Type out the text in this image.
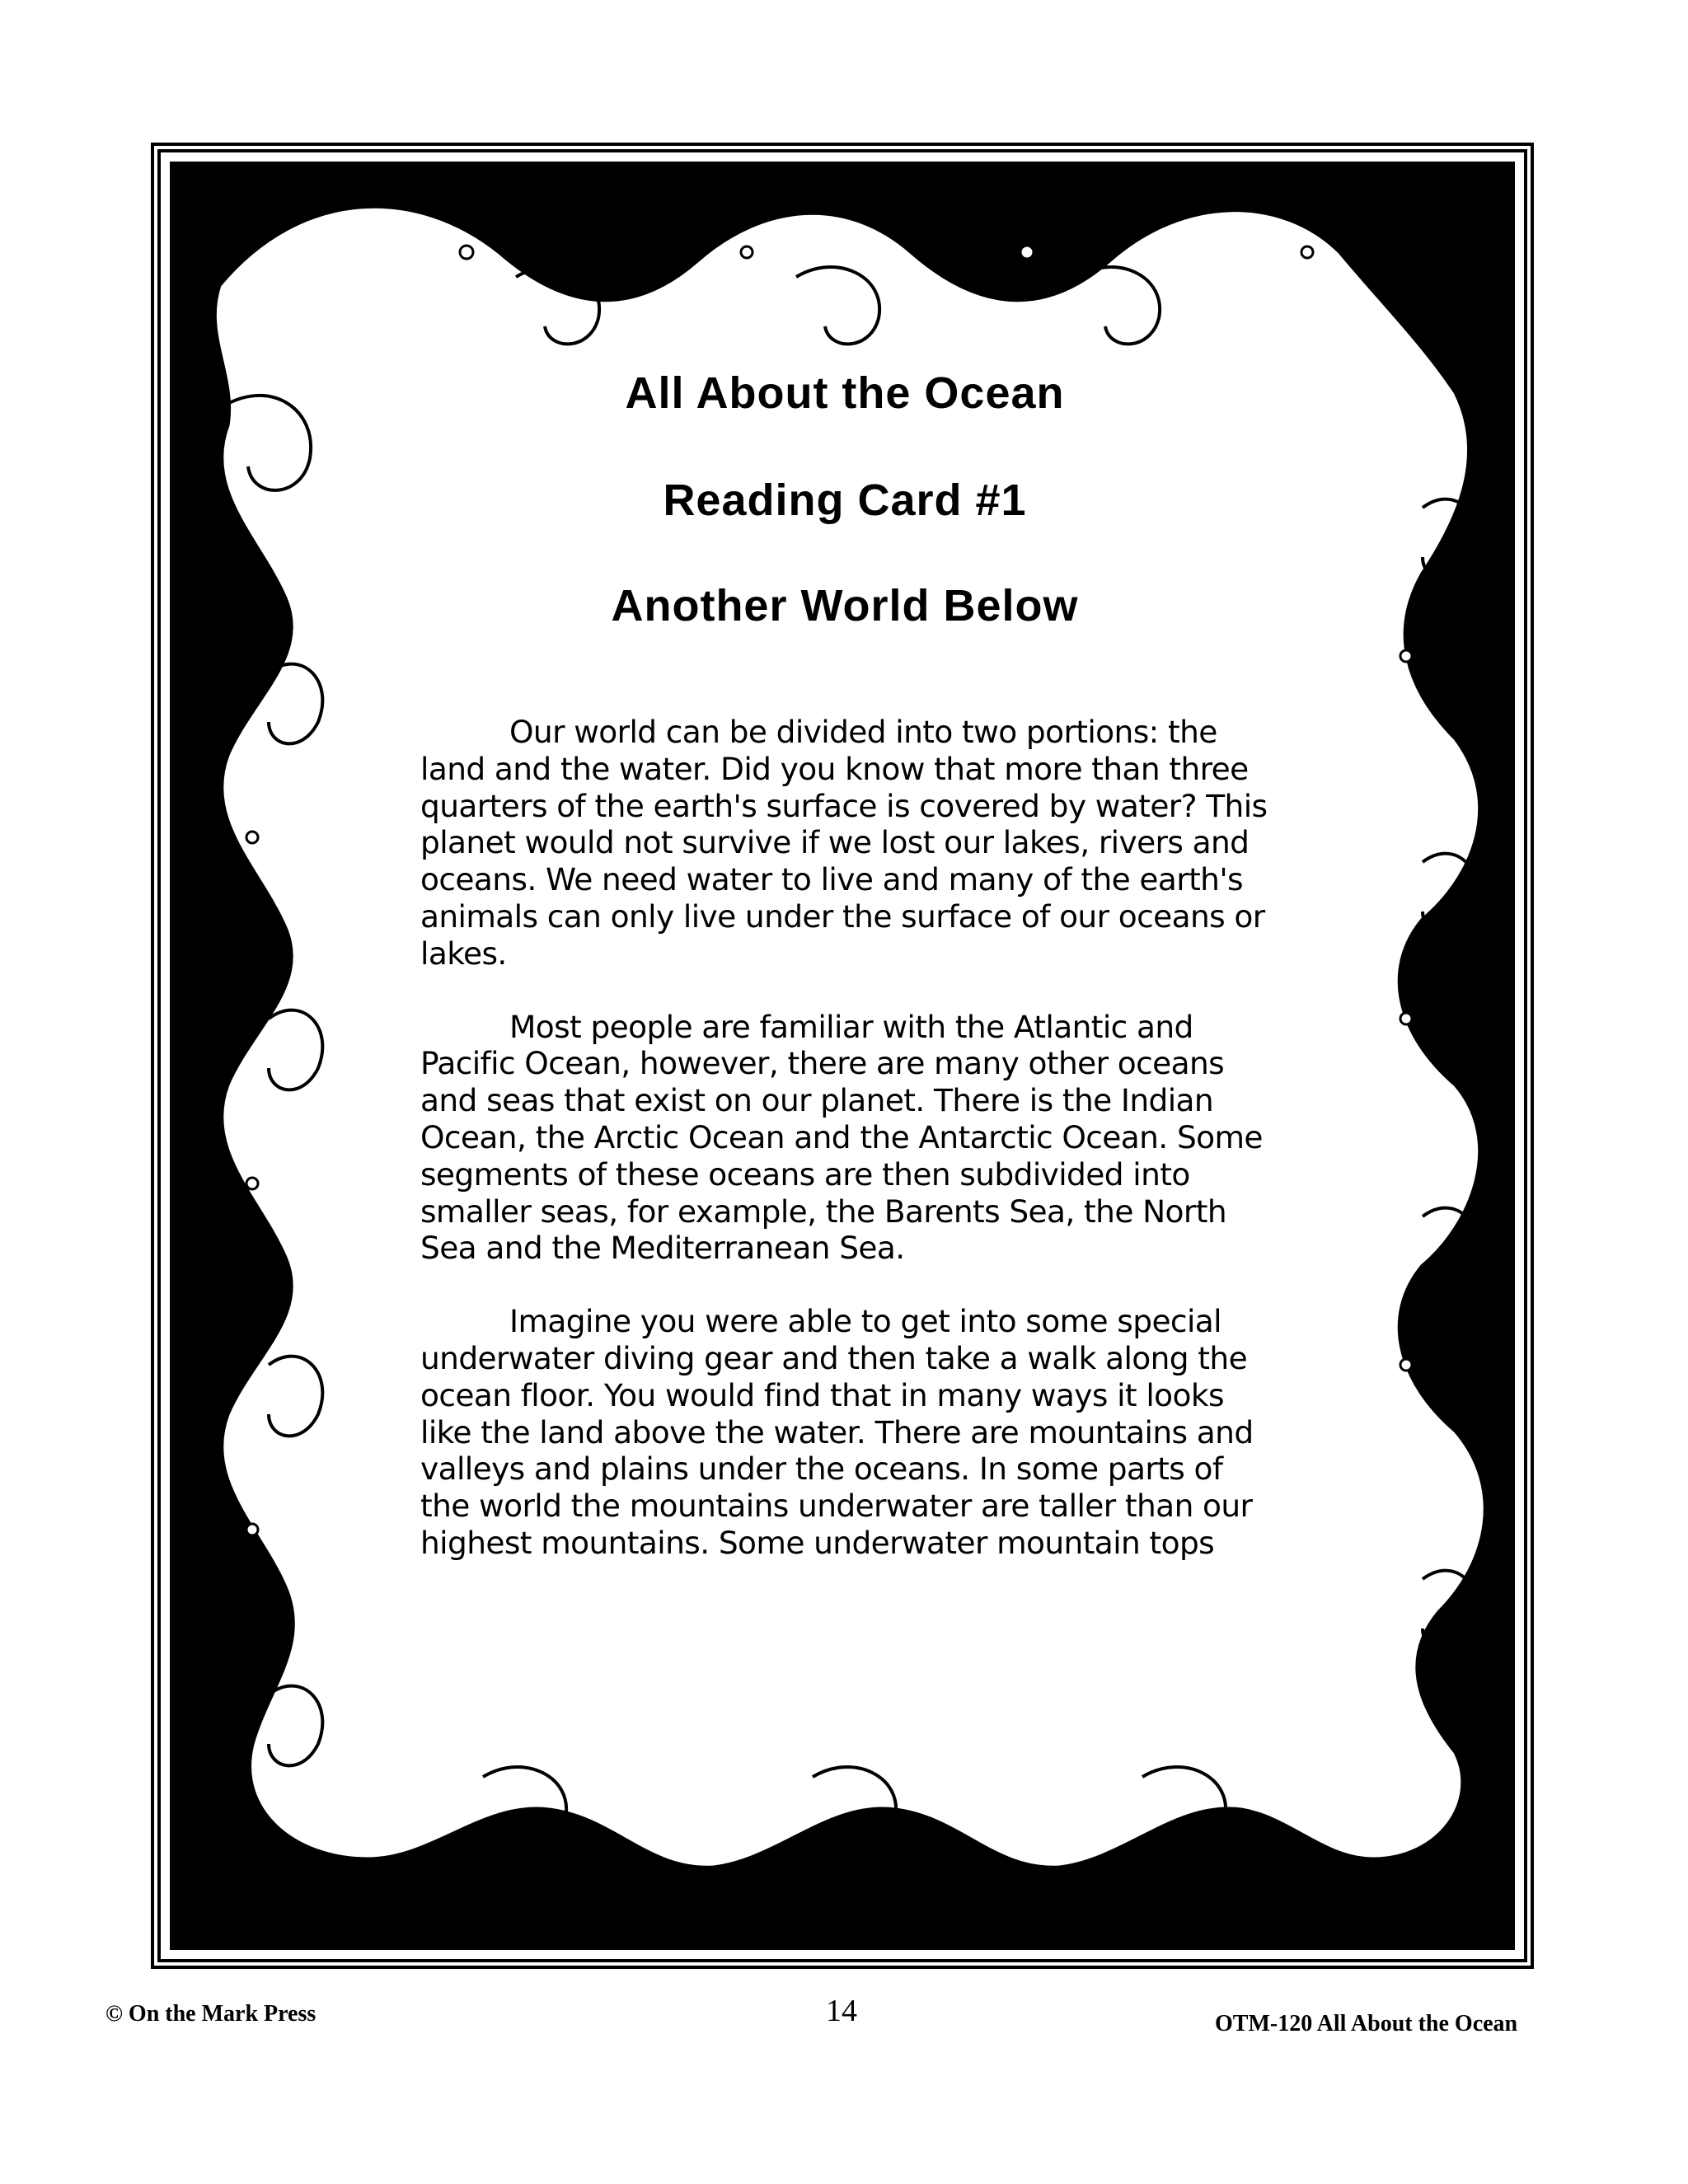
All About the Ocean

Reading Card #1

Another World Below

Our world can be divided into two portions: the land and the water. Did you know that more than three quarters of the earth's surface is covered by water? This planet would not survive if we lost our lakes, rivers and oceans. We need water to live and many of the earth's animals can only live under the surface of our oceans or lakes.

Most people are familiar with the Atlantic and Pacific Ocean, however, there are many other oceans and seas that exist on our planet. There is the Indian Ocean, the Arctic Ocean and the Antarctic Ocean. Some segments of these oceans are then subdivided into smaller seas, for example, the Barents Sea, the North Sea and the Mediterranean Sea.

Imagine you were able to get into some special underwater diving gear and then take a walk along the ocean floor. You would find that in many ways it looks like the land above the water. There are mountains and valleys and plains under the oceans. In some parts of the world the mountains underwater are taller than our highest mountains. Some underwater mountain tops

© On the Mark Press	14	OTM-120 All About the Ocean
